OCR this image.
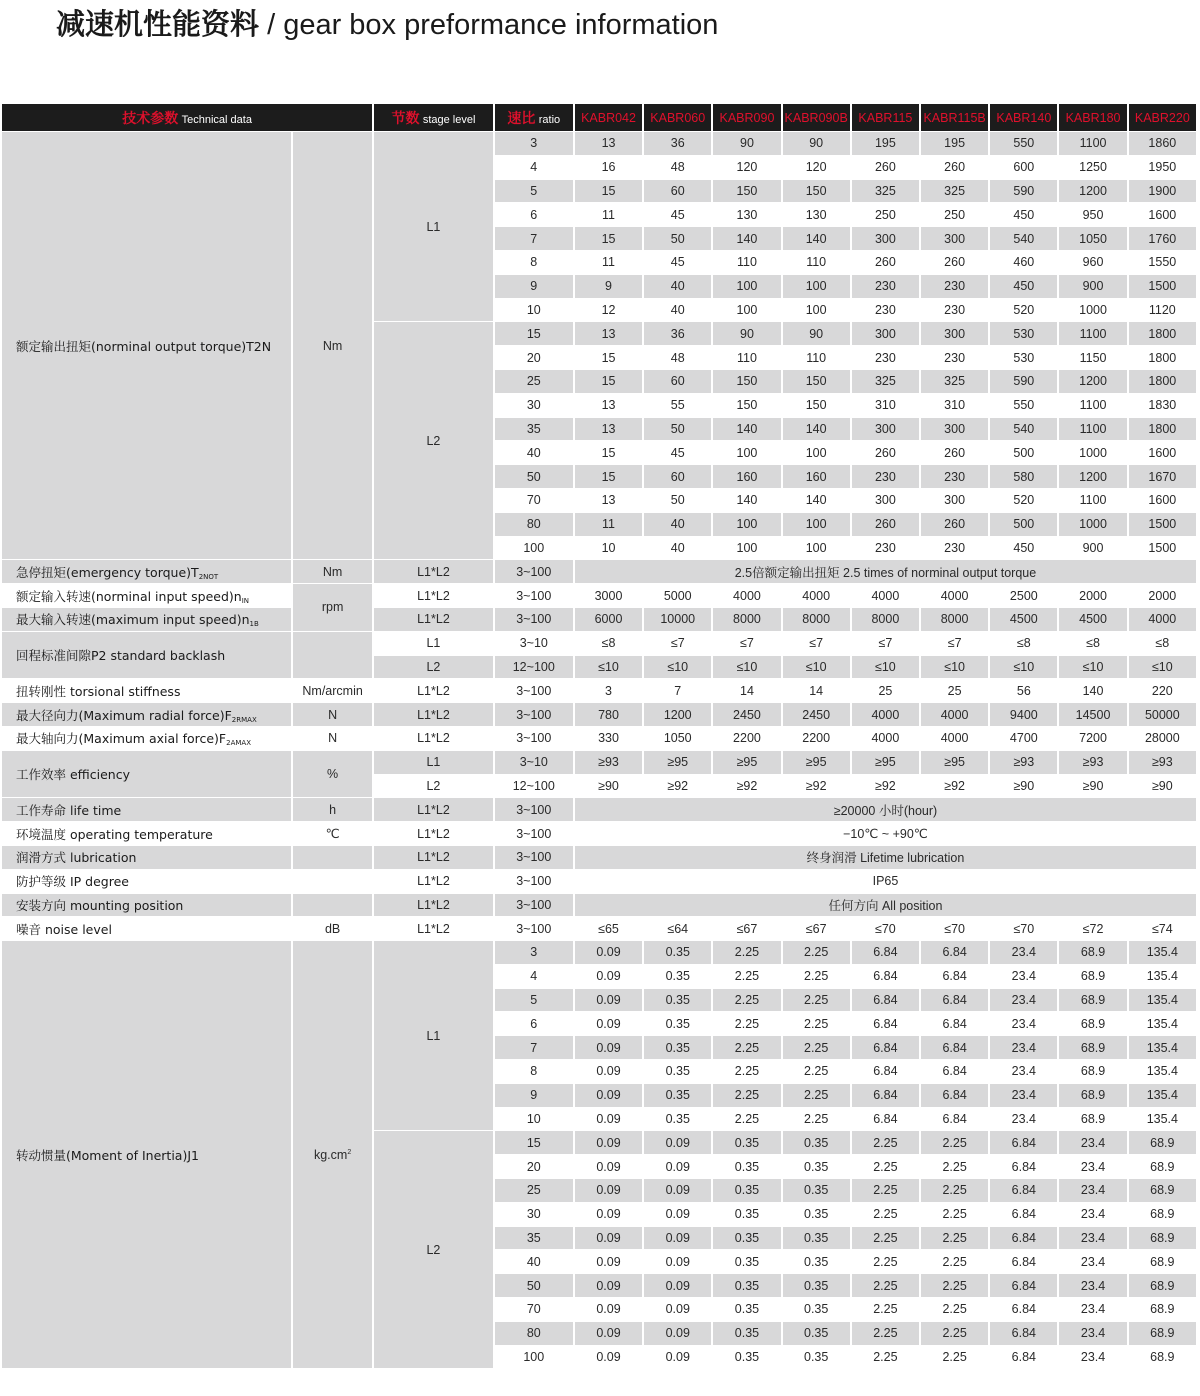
减速机性能资料 / gear box preformance information
技术参数 Technical data		节数 stage level	速比 ratio	KABR042	KABR060	KABR090	KABR090B	KABR115	KABR115B	KABR140	KABR180	KABR220
额定输出扭矩(norminal output torque)T2N	Nm	L1	3	13	36	90	90	195	195	550	1100	1860
			4	16	48	120	120	260	260	600	1250	1950
			5	15	60	150	150	325	325	590	1200	1900
			6	11	45	130	130	250	250	450	950	1600
			7	15	50	140	140	300	300	540	1050	1760
			8	11	45	110	110	260	260	460	960	1550
			9	9	40	100	100	230	230	450	900	1500
			10	12	40	100	100	230	230	520	1000	1120
		L2	15	13	36	90	90	300	300	530	1100	1800
			20	15	48	110	110	230	230	530	1150	1800
			25	15	60	150	150	325	325	590	1200	1800
			30	13	55	150	150	310	310	550	1100	1830
			35	13	50	140	140	300	300	540	1100	1800
			40	15	45	100	100	260	260	500	1000	1600
			50	15	60	160	160	230	230	580	1200	1670
			70	13	50	140	140	300	300	520	1100	1600
			80	11	40	100	100	260	260	500	1000	1500
			100	10	40	100	100	230	230	450	900	1500
急停扭矩(emergency $torque)T_{2NOT}$	Nm	L1*L2	3~100	2.5倍额定输出扭矩 2.5 times of norminal output torque								
额定输入转速(norminal input $speed)n_{IN}$	rpm	L1*L2	3~100	3000	5000	4000	4000	4000	4000	2500	2000	2000
最大输入转速(maximum input $speed)n_{1B}$		L1*L2	3~100	6000	10000	8000	8000	8000	8000	4500	4500	4000
回程标准间隙P2 standard backlash		L1	3~10	≤8	≤7	≤7	≤7	≤7	≤7	≤8	≤8	≤8
		L2	12~100	≤10	≤10	≤10	≤10	≤10	≤10	≤10	≤10	≤10
扭转刚性 torsional stiffness	Nm/arcmin	L1*L2	3~100	3	7	14	14	25	25	56	140	220
最大径向力(Maximum radial $force)F_{2RMAX}$	N	L1*L2	3~100	780	1200	2450	2450	4000	4000	9400	14500	50000
最大轴向力(Maximum axial $force)F_{2AMAX}$	N	L1*L2	3~100	330	1050	2200	2200	4000	4000	4700	7200	28000
工作效率 efficiency	%	L1	3~10	≥93	≥95	≥95	≥95	≥95	≥95	≥93	≥93	≥93
		L2	12~100	≥90	≥92	≥92	≥92	≥92	≥92	≥90	≥90	≥90
工作寿命 life time	h	L1*L2	3~100	≥20000 小时(hour)								
环境温度 operating temperature	℃	L1*L2	3~100	−10℃ ~ +90℃								
润滑方式 lubrication		L1*L2	3~100	终身润滑 Lifetime lubrication								
防护等级 IP degree		L1*L2	3~100	IP65								
安装方向 mounting position		L1*L2	3~100	任何方向 All position								
噪音 noise level	dB	L1*L2	3~100	≤65	≤64	≤67	≤67	≤70	≤70	≤70	≤72	≤74
转动惯量(Moment of Inertia)J1	$kg.cm^2$	L1	3	0.09	0.35	2.25	2.25	6.84	6.84	23.4	68.9	135.4
			4	0.09	0.35	2.25	2.25	6.84	6.84	23.4	68.9	135.4
			5	0.09	0.35	2.25	2.25	6.84	6.84	23.4	68.9	135.4
			6	0.09	0.35	2.25	2.25	6.84	6.84	23.4	68.9	135.4
			7	0.09	0.35	2.25	2.25	6.84	6.84	23.4	68.9	135.4
			8	0.09	0.35	2.25	2.25	6.84	6.84	23.4	68.9	135.4
			9	0.09	0.35	2.25	2.25	6.84	6.84	23.4	68.9	135.4
			10	0.09	0.35	2.25	2.25	6.84	6.84	23.4	68.9	135.4
		L2	15	0.09	0.09	0.35	0.35	2.25	2.25	6.84	23.4	68.9
			20	0.09	0.09	0.35	0.35	2.25	2.25	6.84	23.4	68.9
			25	0.09	0.09	0.35	0.35	2.25	2.25	6.84	23.4	68.9
			30	0.09	0.09	0.35	0.35	2.25	2.25	6.84	23.4	68.9
			35	0.09	0.09	0.35	0.35	2.25	2.25	6.84	23.4	68.9
			40	0.09	0.09	0.35	0.35	2.25	2.25	6.84	23.4	68.9
			50	0.09	0.09	0.35	0.35	2.25	2.25	6.84	23.4	68.9
			70	0.09	0.09	0.35	0.35	2.25	2.25	6.84	23.4	68.9
			80	0.09	0.09	0.35	0.35	2.25	2.25	6.84	23.4	68.9
			100	0.09	0.09	0.35	0.35	2.25	2.25	6.84	23.4	68.9
